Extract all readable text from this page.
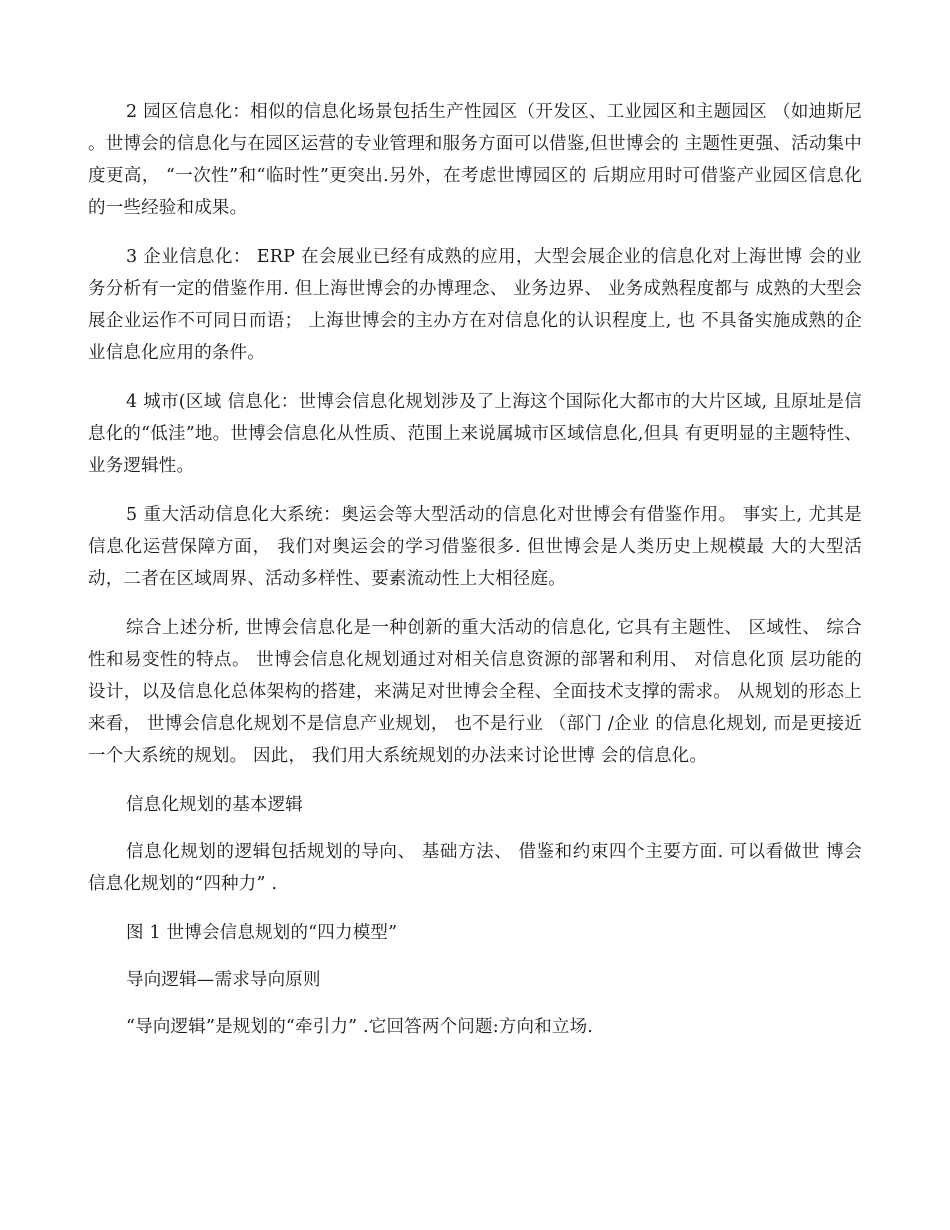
2 园区信息化：相似的信息化场景包括生产性园区（开发区、工业园区和主题园区 （如迪斯尼 。世博会的信息化与在园区运营的专业管理和服务方面可以借鉴,但世博会的 主题性更强、活动集中度更高， “一次性”和“临时性”更突出.另外，在考虑世博园区的 后期应用时可借鉴产业园区信息化的一些经验和成果。

3 企业信息化： ERP 在会展业已经有成熟的应用，大型会展企业的信息化对上海世博 会的业务分析有一定的借鉴作用. 但上海世博会的办博理念、 业务边界、 业务成熟程度都与 成熟的大型会展企业运作不可同日而语； 上海世博会的主办方在对信息化的认识程度上, 也 不具备实施成熟的企业信息化应用的条件。

4 城市(区域 信息化：世博会信息化规划涉及了上海这个国际化大都市的大片区域, 且原址是信息化的“低洼”地。世博会信息化从性质、范围上来说属城市区域信息化,但具 有更明显的主题特性、业务逻辑性。

5 重大活动信息化大系统：奥运会等大型活动的信息化对世博会有借鉴作用。 事实上, 尤其是信息化运营保障方面， 我们对奥运会的学习借鉴很多. 但世博会是人类历史上规模最 大的大型活动，二者在区域周界、活动多样性、要素流动性上大相径庭。

综合上述分析, 世博会信息化是一种创新的重大活动的信息化, 它具有主题性、 区域性、 综合性和易变性的特点。 世博会信息化规划通过对相关信息资源的部署和利用、 对信息化顶 层功能的设计，以及信息化总体架构的搭建，来满足对世博会全程、全面技术支撑的需求。 从规划的形态上来看， 世博会信息化规划不是信息产业规划， 也不是行业 （部门 /企业 的信息化规划, 而是更接近一个大系统的规划。 因此， 我们用大系统规划的办法来讨论世博 会的信息化。

信息化规划的基本逻辑

信息化规划的逻辑包括规划的导向、 基础方法、 借鉴和约束四个主要方面. 可以看做世 博会信息化规划的“四种力” .

图 1 世博会信息规划的“四力模型”

导向逻辑—需求导向原则

“导向逻辑”是规划的“牵引力” .它回答两个问题:方向和立场.
